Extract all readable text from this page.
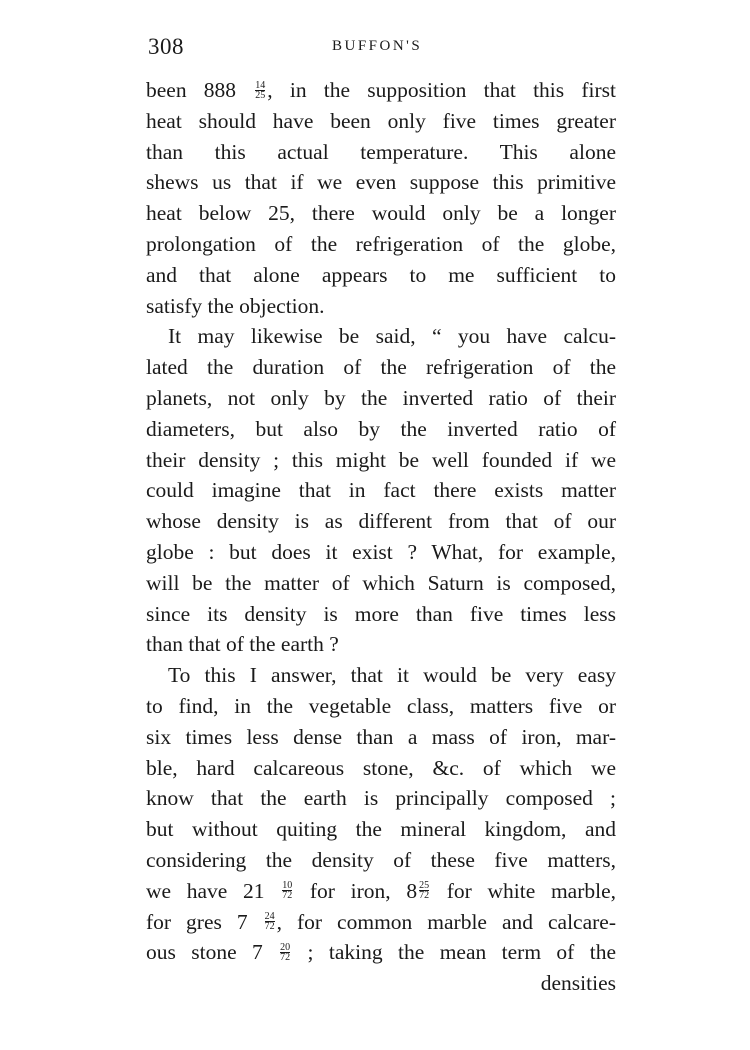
308	BUFFON'S
been $888 \frac{14}{25}$ , in the supposition that this first
heat should have been only five times greater
than this actual temperature. This alone
shews us that if we even suppose this primitive
heat below 25, there would only be a longer
prolongation of the refrigeration of the globe,
and that alone appears to me sufficient to
satisfy the objection.
It may likewise be said, “ you have calcu-
lated the duration of the refrigeration of the
planets, not only by the inverted ratio of their
diameters, but also by the inverted ratio of
their density ; this might be well founded if we
could imagine that in fact there exists matter
whose density is as different from that of our
globe : but does it exist ? What, for example,
will be the matter of which Saturn is composed,
since its density is more than five times less
than that of the earth ?
To this I answer, that it would be very easy
to find, in the vegetable class, matters five or
six times less dense than a mass of iron, mar-
ble, hard calcareous stone, &c. of which we
know that the earth is principally composed ;
but without quiting the mineral kingdom, and
considering the density of these five matters,
we have $21 \frac{10}{72}$ for iron, $8 \frac{25}{72}$ for white marble,
for gres $7 \frac{24}{72}$ , for common marble and calcare-
ous stone $7 \frac{20}{72}$ ; taking the mean term of the
densities
